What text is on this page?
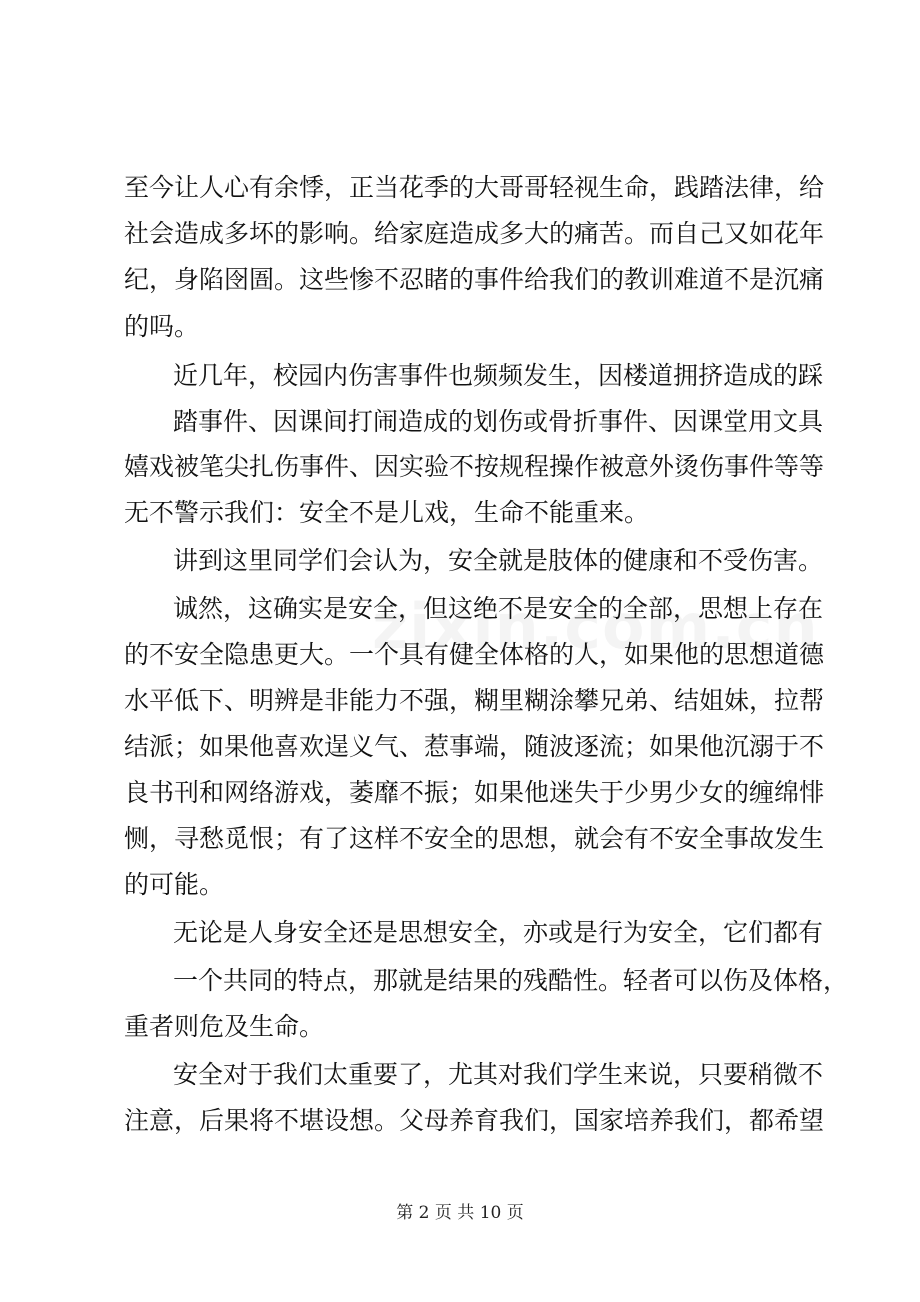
至今让人心有余悸，正当花季的大哥哥轻视生命，践踏法律，给
社会造成多坏的影响。给家庭造成多大的痛苦。而自己又如花年
纪，身陷囹圄。这些惨不忍睹的事件给我们的教训难道不是沉痛
的吗。
近几年，校园内伤害事件也频频发生，因楼道拥挤造成的踩
踏事件、因课间打闹造成的划伤或骨折事件、因课堂用文具
嬉戏被笔尖扎伤事件、因实验不按规程操作被意外烫伤事件等等
无不警示我们：安全不是儿戏，生命不能重来。
讲到这里同学们会认为，安全就是肢体的健康和不受伤害。
诚然，这确实是安全，但这绝不是安全的全部，思想上存在
的不安全隐患更大。一个具有健全体格的人，如果他的思想道德
水平低下、明辨是非能力不强，糊里糊涂攀兄弟、结姐妹，拉帮
结派；如果他喜欢逞义气、惹事端，随波逐流；如果他沉溺于不
良书刊和网络游戏，萎靡不振；如果他迷失于少男少女的缠绵悱
恻，寻愁觅恨；有了这样不安全的思想，就会有不安全事故发生
的可能。
无论是人身安全还是思想安全，亦或是行为安全，它们都有
一个共同的特点，那就是结果的残酷性。轻者可以伤及体格，
重者则危及生命。
安全对于我们太重要了，尤其对我们学生来说，只要稍微不
注意，后果将不堪设想。父母养育我们，国家培养我们，都希望
第 2 页 共 10 页
